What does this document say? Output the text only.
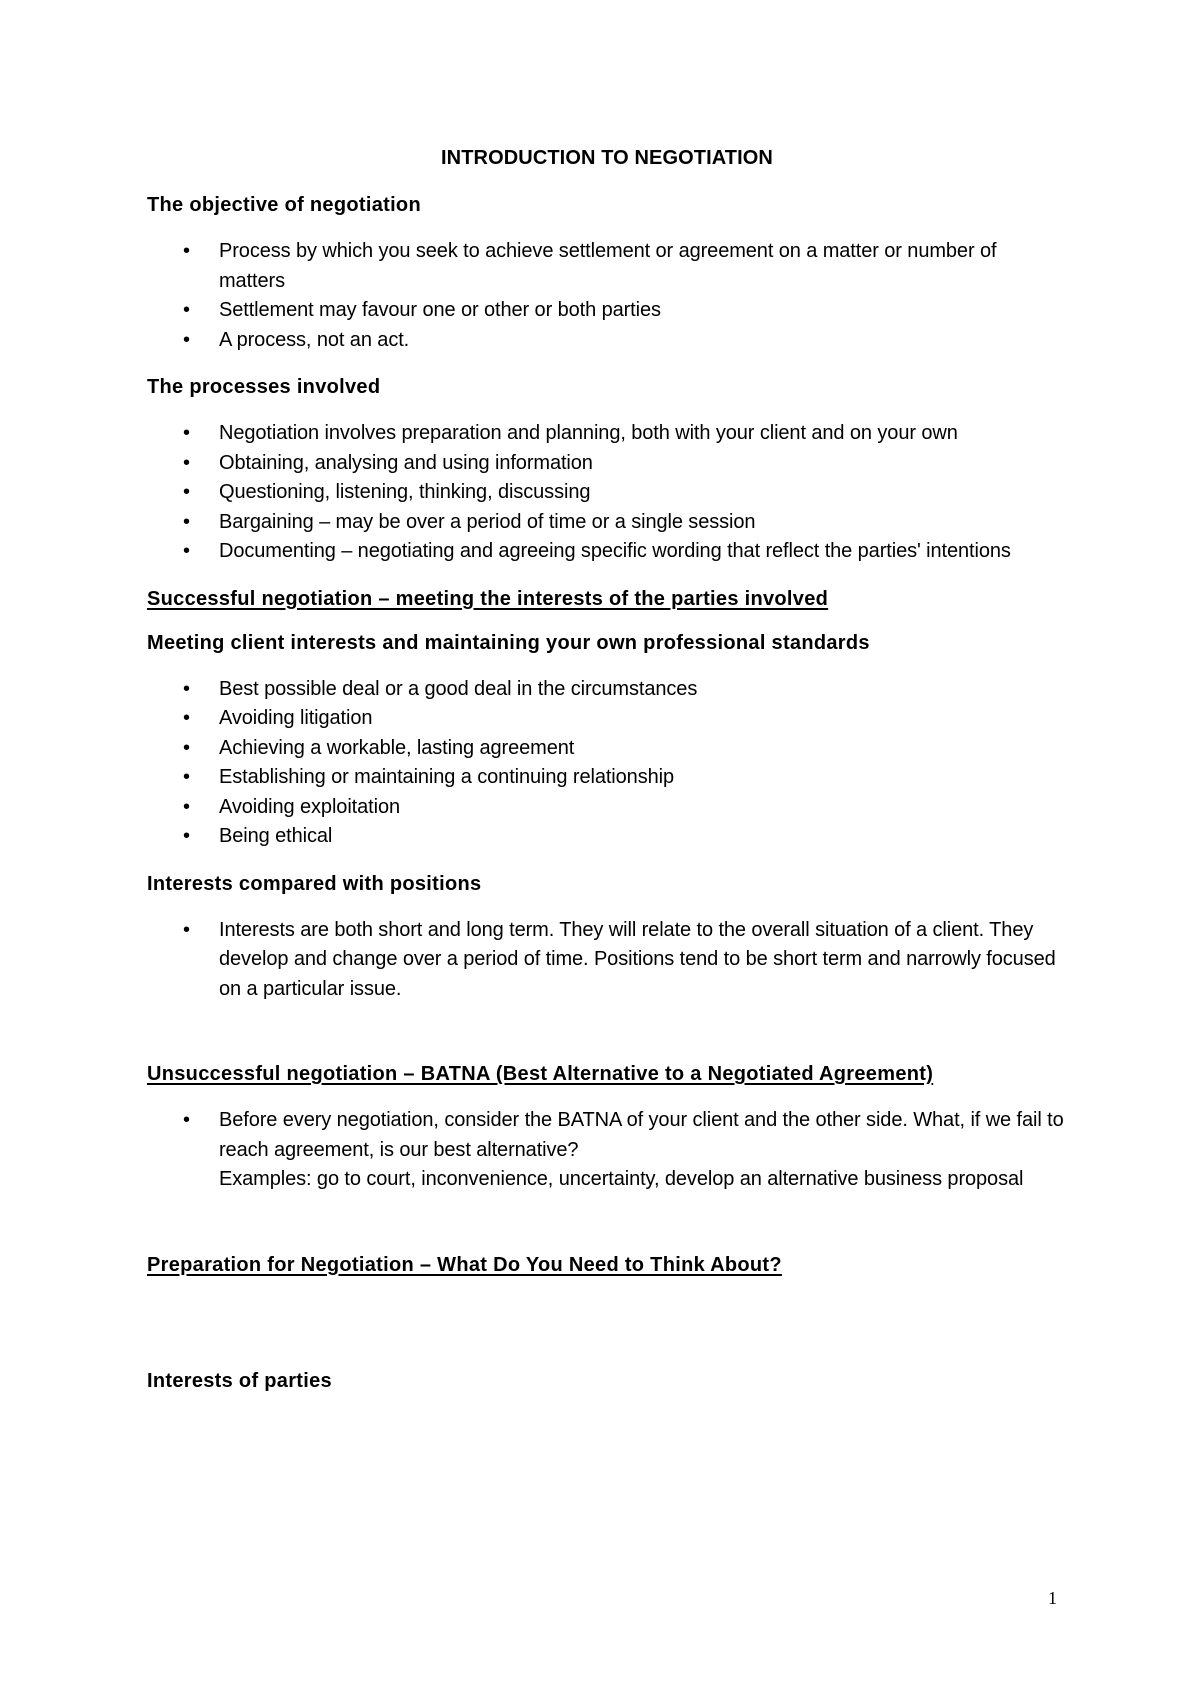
INTRODUCTION TO NEGOTIATION
The objective of negotiation
•	Process by which you seek to achieve settlement or agreement on a matter or number of matters
•	Settlement may favour one or other or both parties
•	A process, not an act.
The processes involved
•	Negotiation involves preparation and planning, both with your client and on your own
•	Obtaining, analysing and using information
•	Questioning, listening, thinking, discussing
•	Bargaining – may be over a period of time or a single session
•	Documenting – negotiating and agreeing specific wording that reflect the parties' intentions
Successful negotiation – meeting the interests of the parties involved
Meeting client interests and maintaining your own professional standards
•	Best possible deal or a good deal in the circumstances
•	Avoiding litigation
•	Achieving a workable, lasting agreement
•	Establishing or maintaining a continuing relationship
•	Avoiding exploitation
•	Being ethical
Interests compared with positions
•	Interests are both short and long term. They will relate to the overall situation of a client. They develop and change over a period of time. Positions tend to be short term and narrowly focused on a particular issue.
Unsuccessful negotiation – BATNA (Best Alternative to a Negotiated Agreement)
•	Before every negotiation, consider the BATNA of your client and the other side. What, if we fail to reach agreement, is our best alternative?
Examples: go to court, inconvenience, uncertainty, develop an alternative business proposal
Preparation for Negotiation – What Do You Need to Think About?
Interests of parties
1
